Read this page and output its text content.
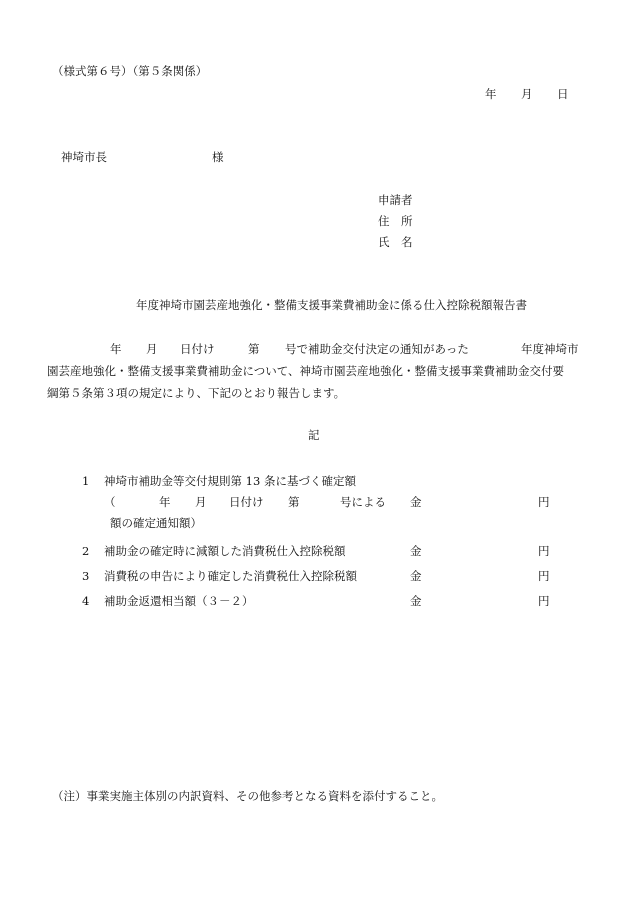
（様式第６号）（第５条関係）
年 月 日
神埼市長	様
申請者
住　所
氏　名
年度神埼市園芸産地強化・整備支援事業費補助金に係る仕入控除税額報告書
年 月 日付け	第 号で補助金交付決定の通知があった	年度神埼市
園芸産地強化・整備支援事業費補助金について、神埼市園芸産地強化・整備支援事業費補助金交付要
綱第５条第３項の規定により、下記のとおり報告します。
記
1 神埼市補助金等交付規則第 13 条に基づく確定額
（	年 月 日付け 第	号による 金	円
額の確定通知額）
2 補助金の確定時に減額した消費税仕入控除税額	金	円
3 消費税の申告により確定した消費税仕入控除税額	金	円
4 補助金返還相当額（３－２）	金	円
（注）事業実施主体別の内訳資料、その他参考となる資料を添付すること。
